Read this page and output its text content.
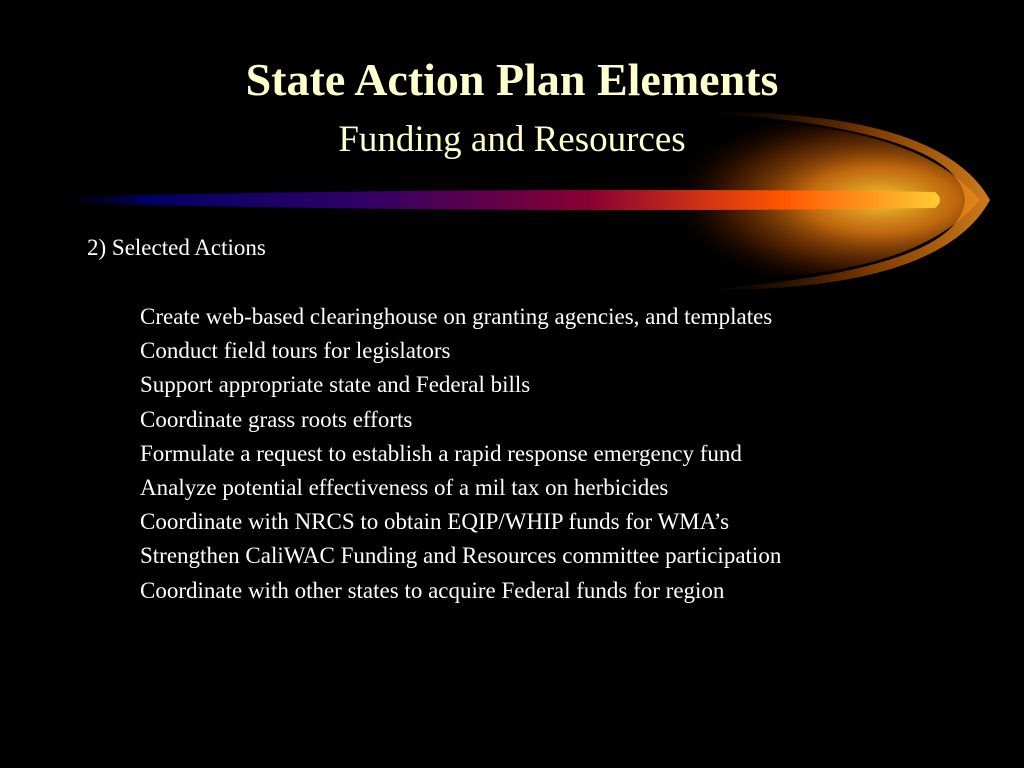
State Action Plan Elements
Funding and Resources
2) Selected Actions
Create web-based clearinghouse on granting agencies, and templates
Conduct field tours for legislators
Support appropriate state and Federal bills
Coordinate grass roots efforts
Formulate a request to establish a rapid response emergency fund
Analyze potential effectiveness of a mil tax on herbicides
Coordinate with NRCS to obtain EQIP/WHIP funds for WMA’s
Strengthen CaliWAC Funding and Resources committee participation
Coordinate with other states to acquire Federal funds for region
